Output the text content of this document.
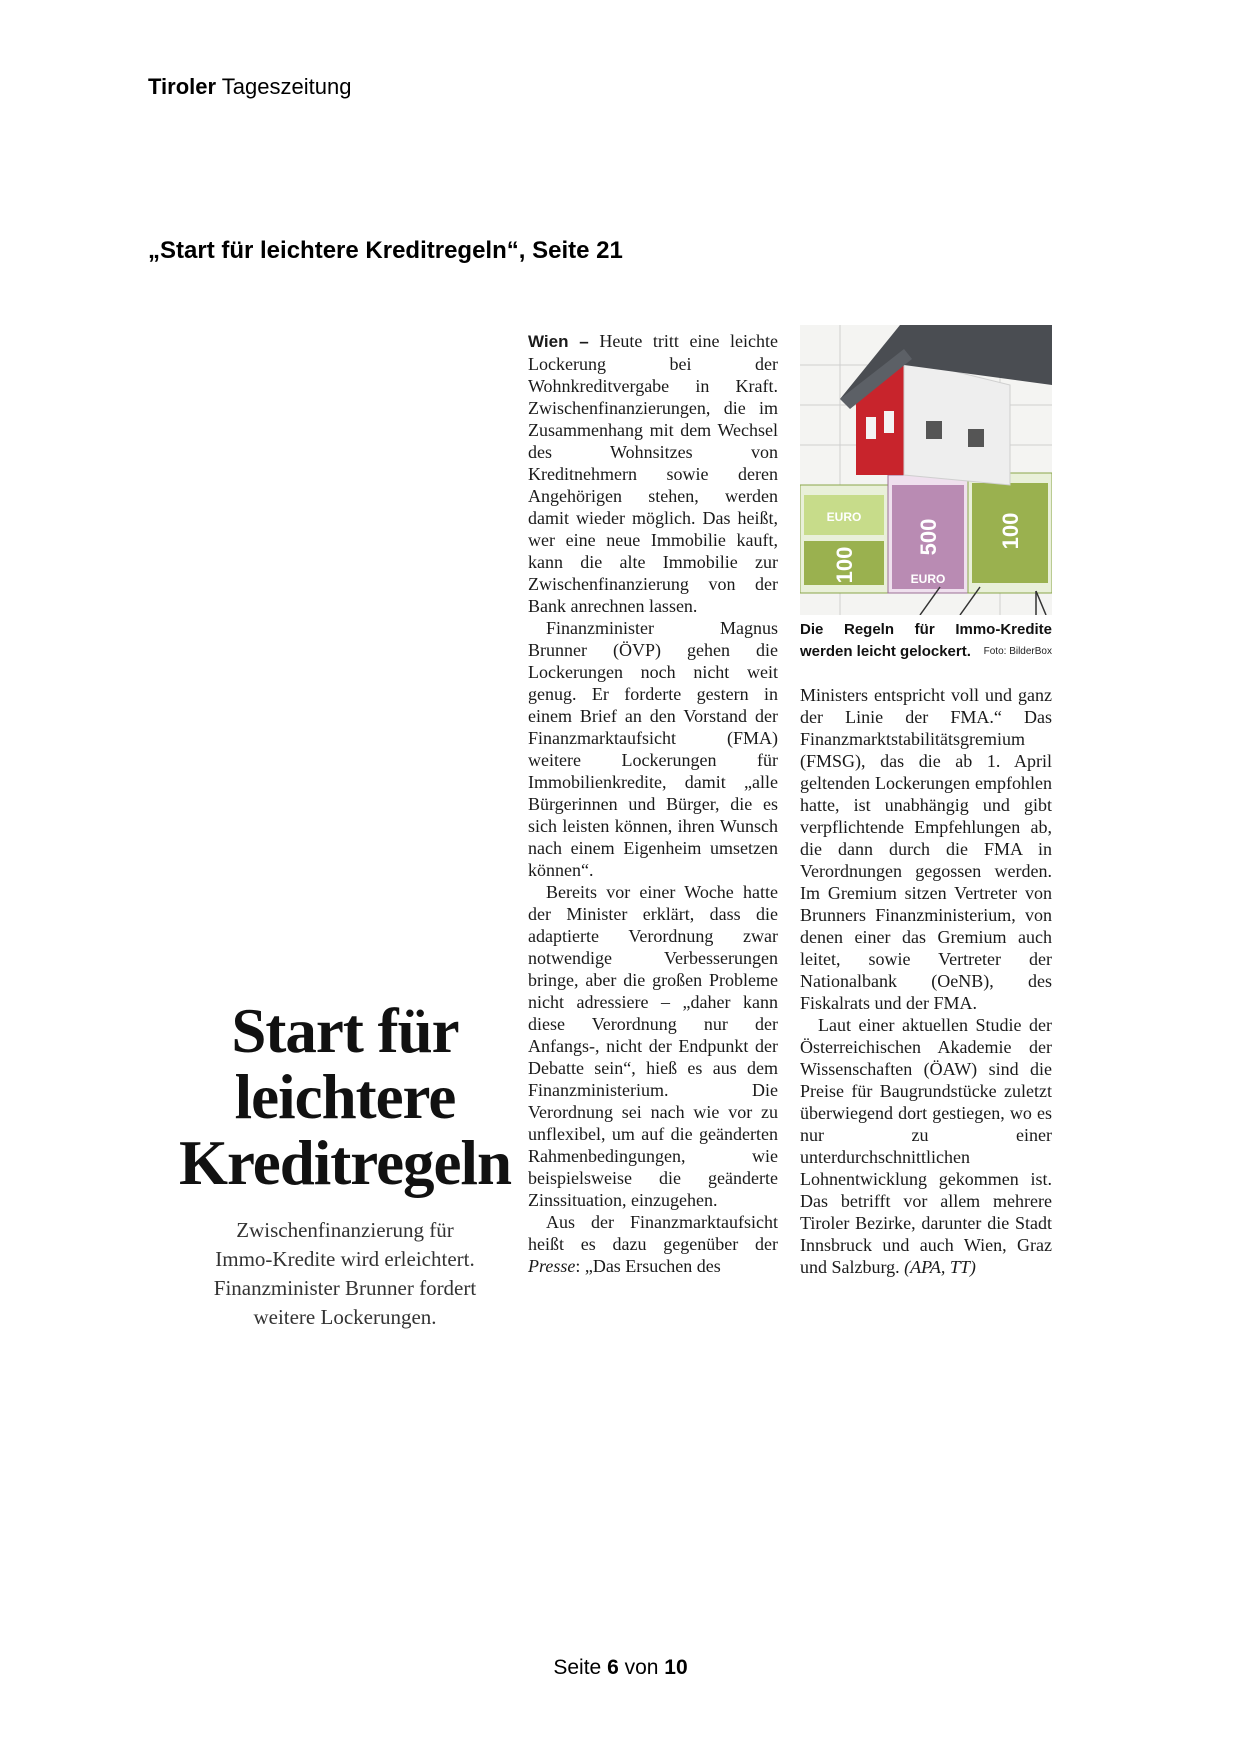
Tiroler Tageszeitung
„Start für leichtere Kreditregeln“, Seite 21
Start für
leichtere
Kreditregeln

Zwischenfinanzierung für
Immo-Kredite wird erleichtert.
Finanzminister Brunner fordert
weitere Lockerungen.

Wien – Heute tritt eine leichte Lockerung bei der Wohnkreditvergabe in Kraft. Zwischenfinanzierungen, die im Zusammenhang mit dem Wechsel des Wohnsitzes von Kreditnehmern sowie deren Angehörigen stehen, werden damit wieder möglich. Das heißt, wer eine neue Immobilie kauft, kann die alte Immobilie zur Zwischenfinanzierung von der Bank anrechnen lassen.

Finanzminister Magnus Brunner (ÖVP) gehen die Lockerungen noch nicht weit genug. Er forderte gestern in einem Brief an den Vorstand der Finanzmarktaufsicht (FMA) weitere Lockerungen für Immobilienkredite, damit „alle Bürgerinnen und Bürger, die es sich leisten können, ihren Wunsch nach einem Eigenheim umsetzen können“.

Bereits vor einer Woche hatte der Minister erklärt, dass die adaptierte Verordnung zwar notwendige Verbesserungen bringe, aber die großen Probleme nicht adressiere – „daher kann diese Verordnung nur der Anfangs-, nicht der Endpunkt der Debatte sein“, hieß es aus dem Finanzministerium. Die Verordnung sei nach wie vor zu unflexibel, um auf die geänderten Rahmenbedingungen, wie beispielsweise die geänderte Zinssituation, einzugehen.

Aus der Finanzmarktaufsicht heißt es dazu gegenüber der Presse: „Das Ersuchen des

100
EURO
500
EURO
100
Die Regeln für Immo-Kredite werden leicht gelockert.	Foto: BilderBox

Ministers entspricht voll und ganz der Linie der FMA.“ Das Finanzmarktstabilitätsgremium (FMSG), das die ab 1. April geltenden Lockerungen empfohlen hatte, ist unabhängig und gibt verpflichtende Empfehlungen ab, die dann durch die FMA in Verordnungen gegossen werden. Im Gremium sitzen Vertreter von Brunners Finanzministerium, von denen einer das Gremium auch leitet, sowie Vertreter der Nationalbank (OeNB), des Fiskalrats und der FMA.

Laut einer aktuellen Studie der Österreichischen Akademie der Wissenschaften (ÖAW) sind die Preise für Baugrundstücke zuletzt überwiegend dort gestiegen, wo es nur zu einer unterdurchschnittlichen Lohnentwicklung gekommen ist. Das betrifft vor allem mehrere Tiroler Bezirke, darunter die Stadt Innsbruck und auch Wien, Graz und Salzburg. (APA, TT)

Seite 6 von 10
